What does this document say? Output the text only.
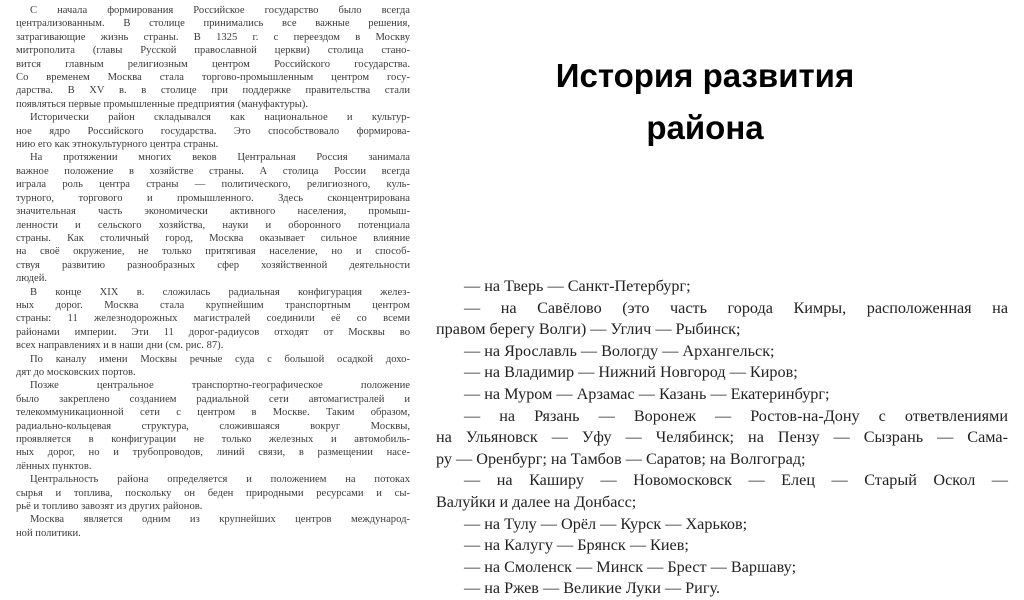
С начала формирования Российское государство было всегда
централизованным. В столице принимались все важные решения,
затрагивающие жизнь страны. В 1325 г. с переездом в Москву
митрополита (главы Русской православной церкви) столица стано-
вится главным религиозным центром Российского государства.
Со временем Москва стала торгово-промышленным центром госу-
дарства. В XV в. в столице при поддержке правительства стали
появляться первые промышленные предприятия (мануфактуры).
Исторически район складывался как национальное и культур-
ное ядро Российского государства. Это способствовало формирова-
нию его как этнокультурного центра страны.
На протяжении многих веков Центральная Россия занимала
важное положение в хозяйстве страны. А столица России всегда
играла роль центра страны — политического, религиозного, куль-
турного, торгового и промышленного. Здесь сконцентрирована
значительная часть экономически активного населения, промыш-
ленности и сельского хозяйства, науки и оборонного потенциала
страны. Как столичный город, Москва оказывает сильное влияние
на своё окружение, не только притягивая население, но и способ-
ствуя развитию разнообразных сфер хозяйственной деятельности
людей.
В конце XIX в. сложилась радиальная конфигурация желез-
ных дорог. Москва стала крупнейшим транспортным центром
страны: 11 железнодорожных магистралей соединили её со всеми
районами империи. Эти 11 дорог-радиусов отходят от Москвы во
всех направлениях и в наши дни (см. рис. 87).
По каналу имени Москвы речные суда с большой осадкой дохо-
дят до московских портов.
Позже центральное транспортно-географическое положение
было закреплено созданием радиальной сети автомагистралей и
телекоммуникационной сети с центром в Москве. Таким образом,
радиально-кольцевая структура, сложившаяся вокруг Москвы,
проявляется в конфигурации не только железных и автомобиль-
ных дорог, но и трубопроводов, линий связи, в размещении насе-
лённых пунктов.
Центральность района определяется и положением на потоках
сырья и топлива, поскольку он беден природными ресурсами и сы-
рьё и топливо завозят из других районов.
Москва является одним из крупнейших центров международ-
ной политики.
История развития
района
— на Тверь — Санкт-Петербург;
— на Савёлово (это часть города Кимры, расположенная на
правом берегу Волги) — Углич — Рыбинск;
— на Ярославль — Вологду — Архангельск;
— на Владимир — Нижний Новгород — Киров;
— на Муром — Арзамас — Казань — Екатеринбург;
— на Рязань — Воронеж — Ростов-на-Дону с ответвлениями
на Ульяновск — Уфу — Челябинск; на Пензу — Сызрань — Сама-
ру — Оренбург; на Тамбов — Саратов; на Волгоград;
— на Каширу — Новомосковск — Елец — Старый Оскол —
Валуйки и далее на Донбасс;
— на Тулу — Орёл — Курск — Харьков;
— на Калугу — Брянск — Киев;
— на Смоленск — Минск — Брест — Варшаву;
— на Ржев — Великие Луки — Ригу.
